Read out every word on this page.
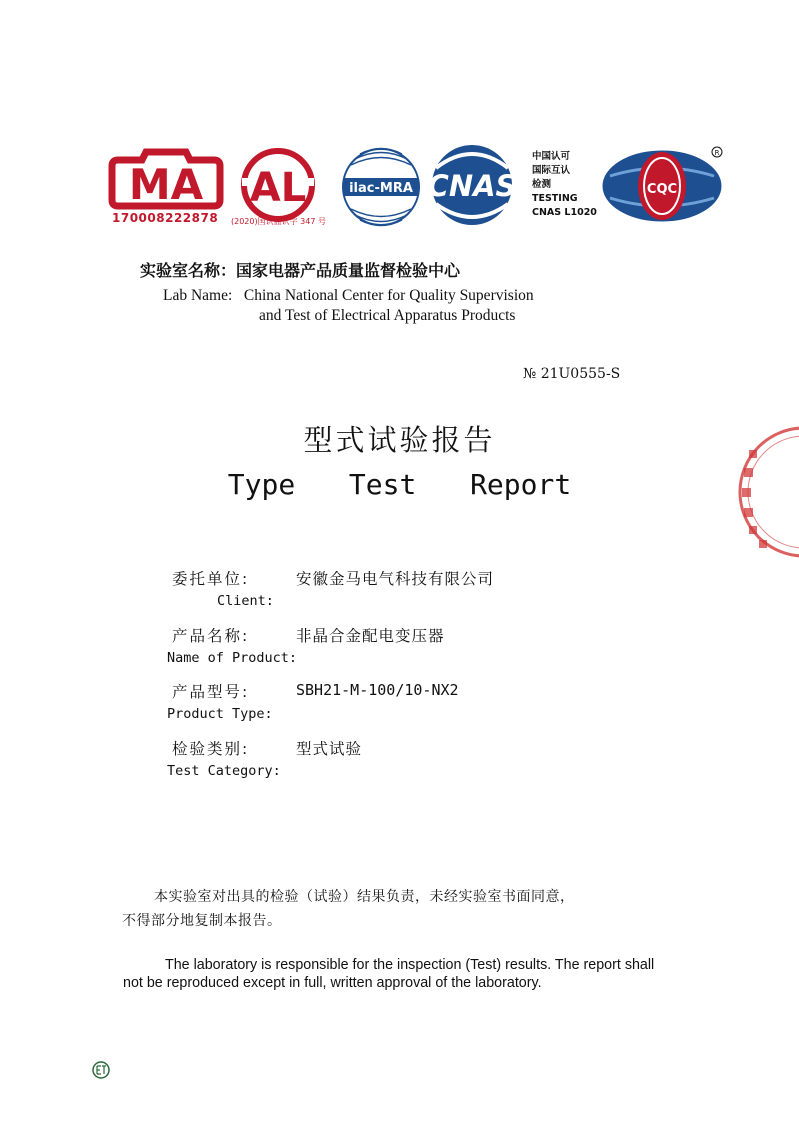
MA AL	ilac-MRA CNAS	CQC
R
170008222878 (2020)国认监认字 347 号
中国认可
国际互认
检测
TESTING
CNAS L1020
实验室名称：国家电器产品质量监督检验中心
Lab Name:   China National Center for Quality Supervision
and Test of Electrical Apparatus Products
№ 21U0555-S
型式试验报告
Type  Test  Report
委托单位:	安徽金马电气科技有限公司
Client:
产品名称:	非晶合金配电变压器
Name of Product:
产品型号:	SBH21-M-100/10-NX2
Product Type:
检验类别:	型式试验
Test Category:
本实验室对出具的检验（试验）结果负责，未经实验室书面同意，
不得部分地复制本报告。
The laboratory is responsible for the inspection (Test) results. The report shall
not be reproduced except in full, written approval of the laboratory.
